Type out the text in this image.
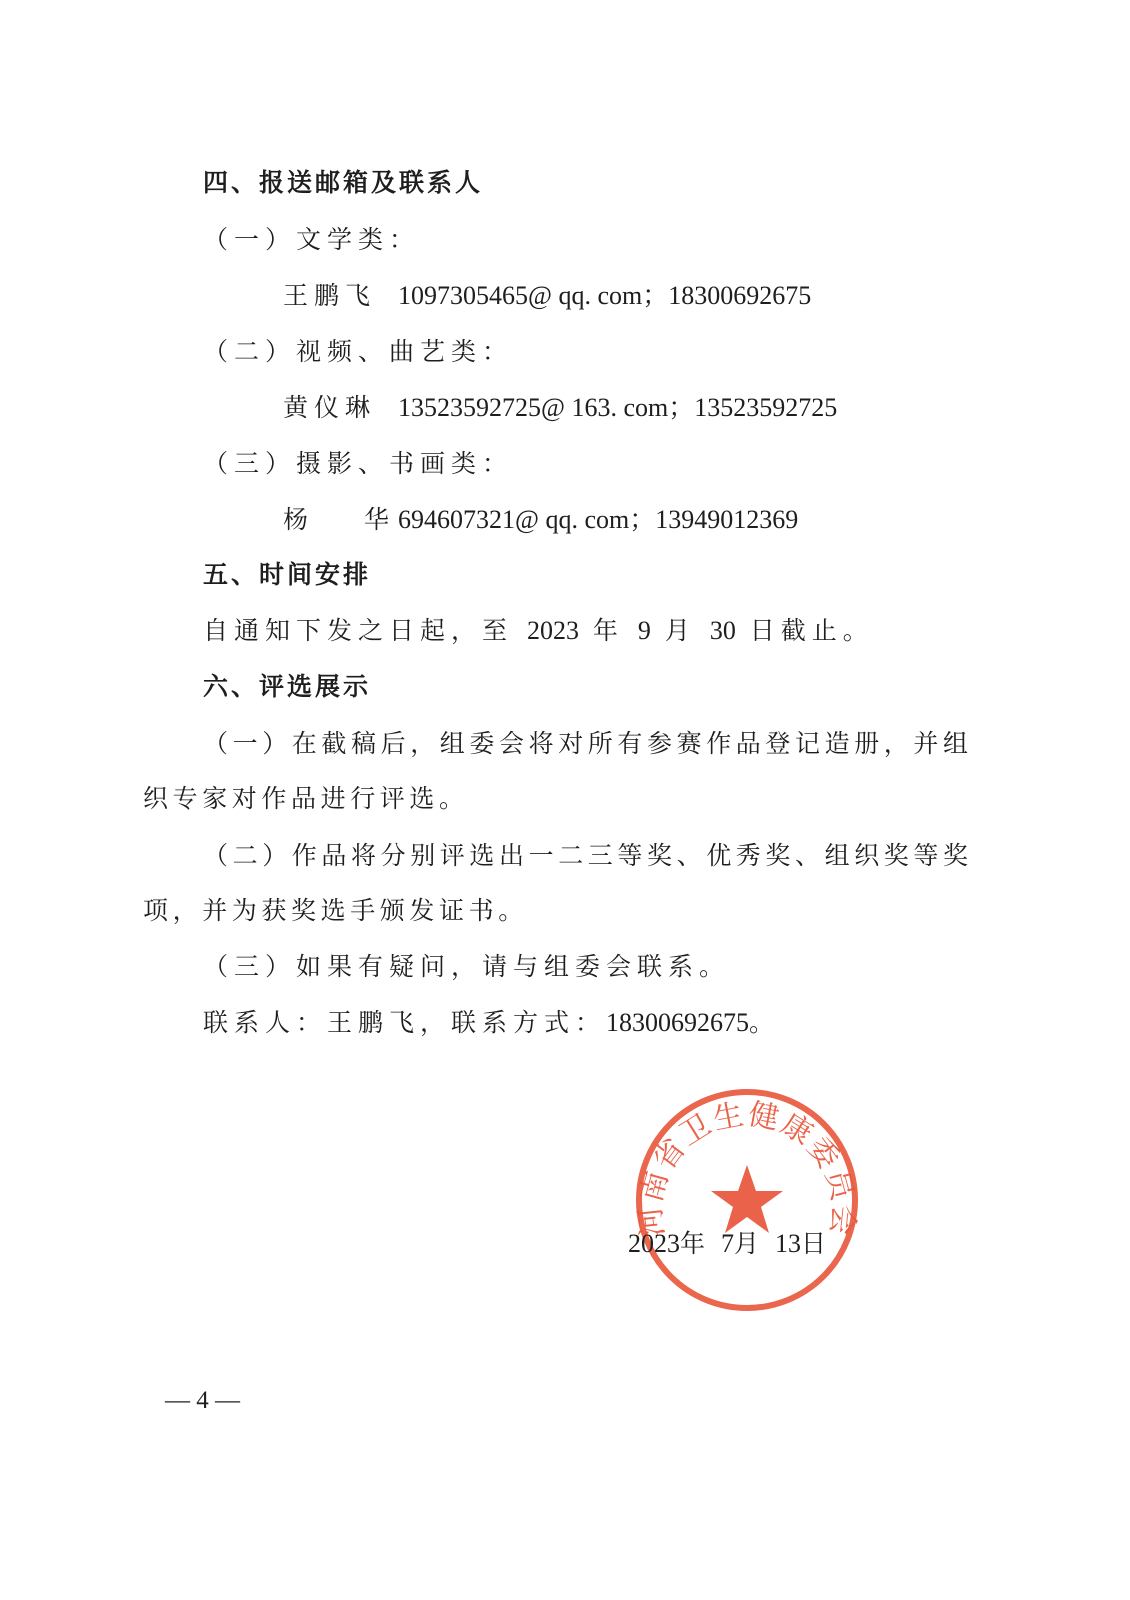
四、报送邮箱及联系人
（一）文学类：
王鹏飞 1097305465@ qq. com；18300692675
（二）视频、曲艺类：
黄仪琳 13523592725@ 163. com；13523592725
（三）摄影、书画类：
杨 华694607321@ qq. com；13949012369
五、时间安排
自通知下发之日起，至 2023 年 9 月 30 日截止。
六、评选展示
（一）在截稿后，组委会将对所有参赛作品登记造册，并组
织专家对作品进行评选。
（二）作品将分别评选出一二三等奖、优秀奖、组织奖等奖
项，并为获奖选手颁发证书。
（三）如果有疑问，请与组委会联系。
联系人：王鹏飞，联系方式：18300692675。
河南省卫生健康委员会
2023年 7月 13日
— 4 —
